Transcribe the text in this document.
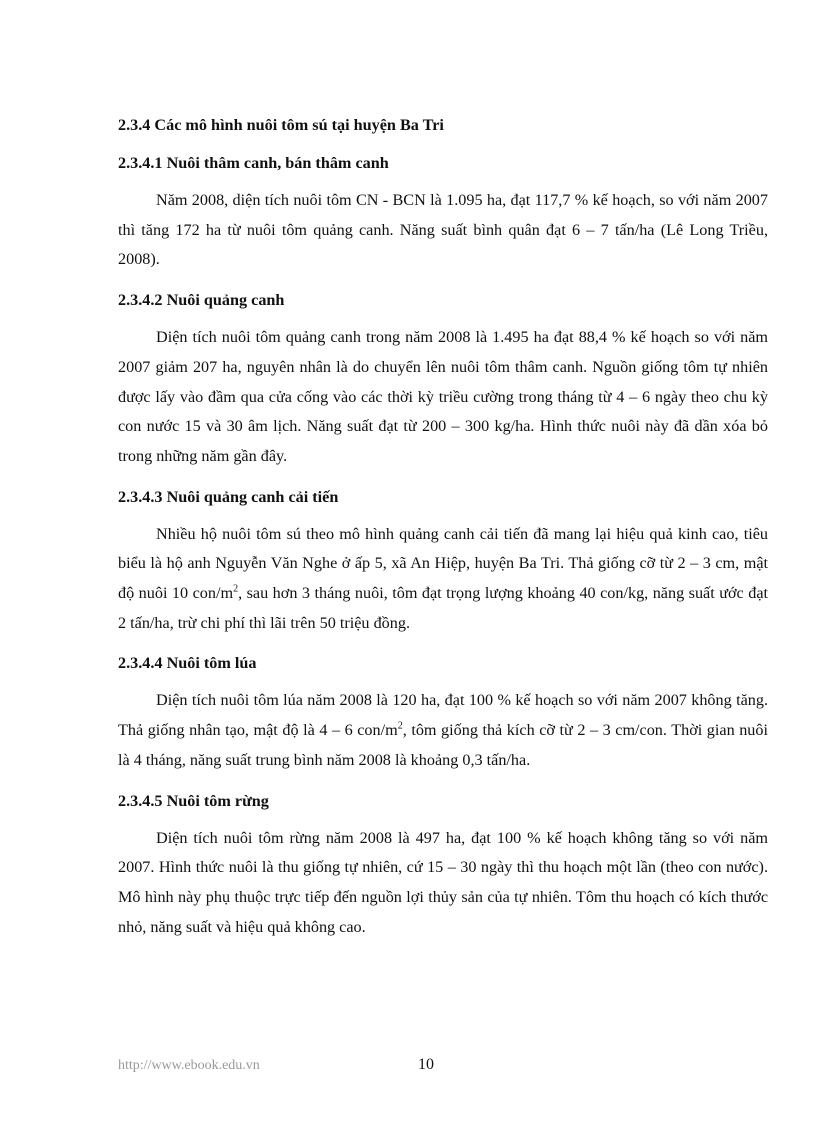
2.3.4 Các mô hình nuôi tôm sú tại huyện Ba Tri
2.3.4.1 Nuôi thâm canh, bán thâm canh

Năm 2008, diện tích nuôi tôm CN - BCN là 1.095 ha, đạt 117,7 % kế hoạch, so với năm 2007 thì tăng 172 ha từ nuôi tôm quảng canh. Năng suất bình quân đạt 6 – 7 tấn/ha (Lê Long Triều, 2008).

2.3.4.2 Nuôi quảng canh

Diện tích nuôi tôm quảng canh trong năm 2008 là 1.495 ha đạt 88,4 % kế hoạch so với năm 2007 giảm 207 ha, nguyên nhân là do chuyển lên nuôi tôm thâm canh. Nguồn giống tôm tự nhiên được lấy vào đầm qua cửa cống vào các thời kỳ triều cường trong tháng từ 4 – 6 ngày theo chu kỳ con nước 15 và 30 âm lịch. Năng suất đạt từ 200 – 300 kg/ha. Hình thức nuôi này đã dần xóa bỏ trong những năm gần đây.

2.3.4.3 Nuôi quảng canh cải tiến

Nhiều hộ nuôi tôm sú theo mô hình quảng canh cải tiến đã mang lại hiệu quả kinh cao, tiêu biểu là hộ anh Nguyễn Văn Nghe ở ấp 5, xã An Hiệp, huyện Ba Tri. Thả giống cỡ từ 2 – 3 cm, mật độ nuôi 10 con/$m^2$, sau hơn 3 tháng nuôi, tôm đạt trọng lượng khoảng 40 con/kg, năng suất ước đạt 2 tấn/ha, trừ chi phí thì lãi trên 50 triệu đồng.

2.3.4.4 Nuôi tôm lúa

Diện tích nuôi tôm lúa năm 2008 là 120 ha, đạt 100 % kế hoạch so với năm 2007 không tăng. Thả giống nhân tạo, mật độ là 4 – 6 con/$m^2$, tôm giống thả kích cỡ từ 2 – 3 cm/con. Thời gian nuôi là 4 tháng, năng suất trung bình năm 2008 là khoảng 0,3 tấn/ha.

2.3.4.5 Nuôi tôm rừng

Diện tích nuôi tôm rừng năm 2008 là 497 ha, đạt 100 % kế hoạch không tăng so với năm 2007. Hình thức nuôi là thu giống tự nhiên, cứ 15 – 30 ngày thì thu hoạch một lần (theo con nước). Mô hình này phụ thuộc trực tiếp đến nguồn lợi thủy sản của tự nhiên. Tôm thu hoạch có kích thước nhỏ, năng suất và hiệu quả không cao.

http://www.ebook.edu.vn	10
